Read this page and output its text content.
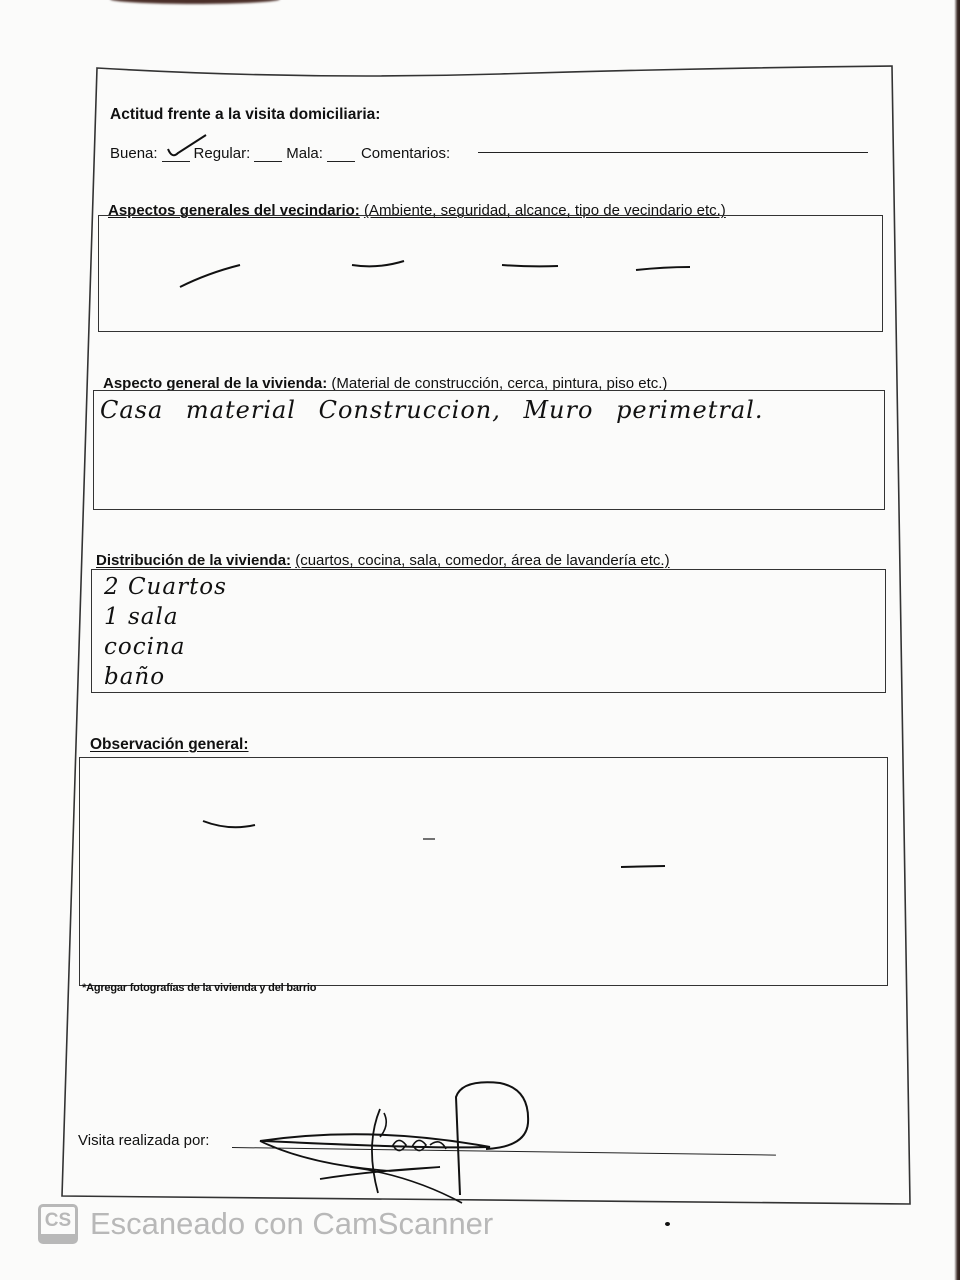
Actitud frente a la visita domiciliaria:
Buena: Regular: Mala:	Comentarios:
Aspectos generales del vecindario: (Ambiente, seguridad, alcance, tipo de vecindario etc.)
Aspecto general de la vivienda: (Material de construcción, cerca, pintura, piso etc.)
Casa material Construccion, Muro perimetral.
Distribución de la vivienda: (cuartos, cocina, sala, comedor, área de lavandería etc.)
2 Cuartos
1 sala
cocina
baño
Observación general:
*Agregar fotografías de la vivienda y del barrio
Visita realizada por:
CS Escaneado con CamScanner
